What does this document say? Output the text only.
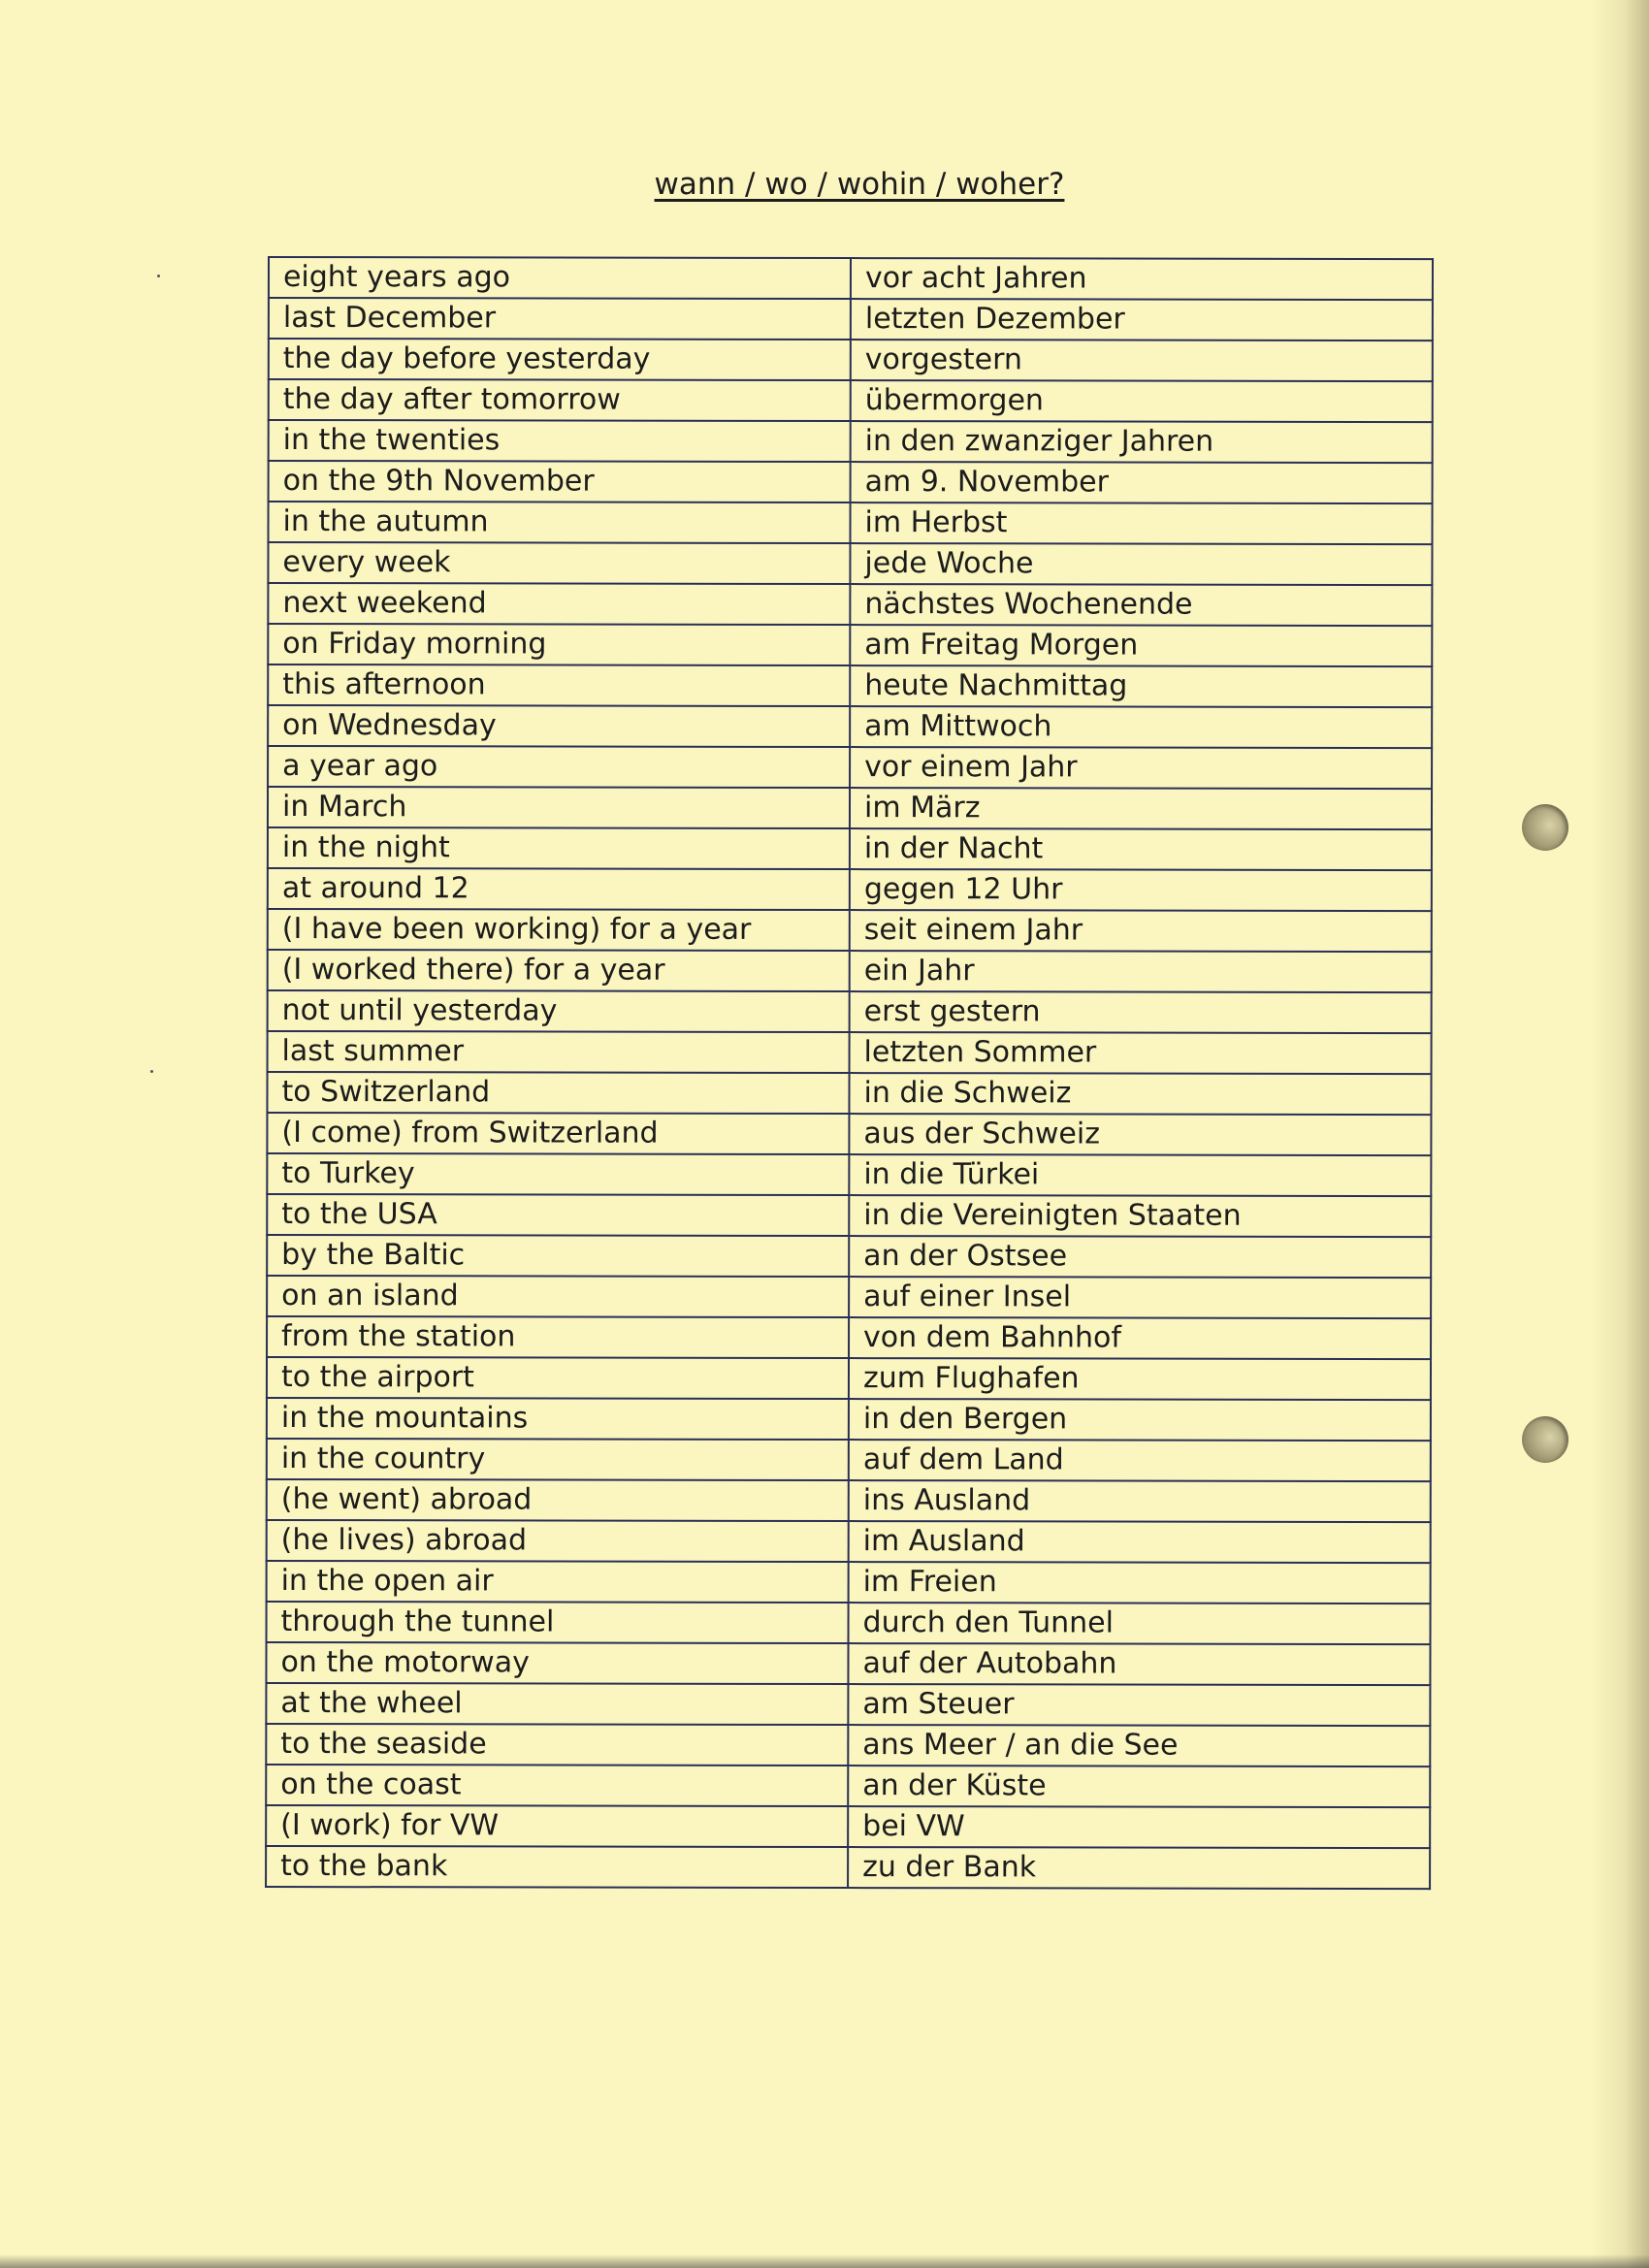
wann / wo / wohin / woher?
eight years ago	vor acht Jahren
last December	letzten Dezember
the day before yesterday	vorgestern
the day after tomorrow	übermorgen
in the twenties	in den zwanziger Jahren
on the 9th November	am 9. November
in the autumn	im Herbst
every week	jede Woche
next weekend	nächstes Wochenende
on Friday morning	am Freitag Morgen
this afternoon	heute Nachmittag
on Wednesday	am Mittwoch
a year ago	vor einem Jahr
in March	im März
in the night	in der Nacht
at around 12	gegen 12 Uhr
(I have been working) for a year	seit einem Jahr
(I worked there) for a year	ein Jahr
not until yesterday	erst gestern
last summer	letzten Sommer
to Switzerland	in die Schweiz
(I come) from Switzerland	aus der Schweiz
to Turkey	in die Türkei
to the USA	in die Vereinigten Staaten
by the Baltic	an der Ostsee
on an island	auf einer Insel
from the station	von dem Bahnhof
to the airport	zum Flughafen
in the mountains	in den Bergen
in the country	auf dem Land
(he went) abroad	ins Ausland
(he lives) abroad	im Ausland
in the open air	im Freien
through the tunnel	durch den Tunnel
on the motorway	auf der Autobahn
at the wheel	am Steuer
to the seaside	ans Meer / an die See
on the coast	an der Küste
(I work) for VW	bei VW
to the bank	zu der Bank
